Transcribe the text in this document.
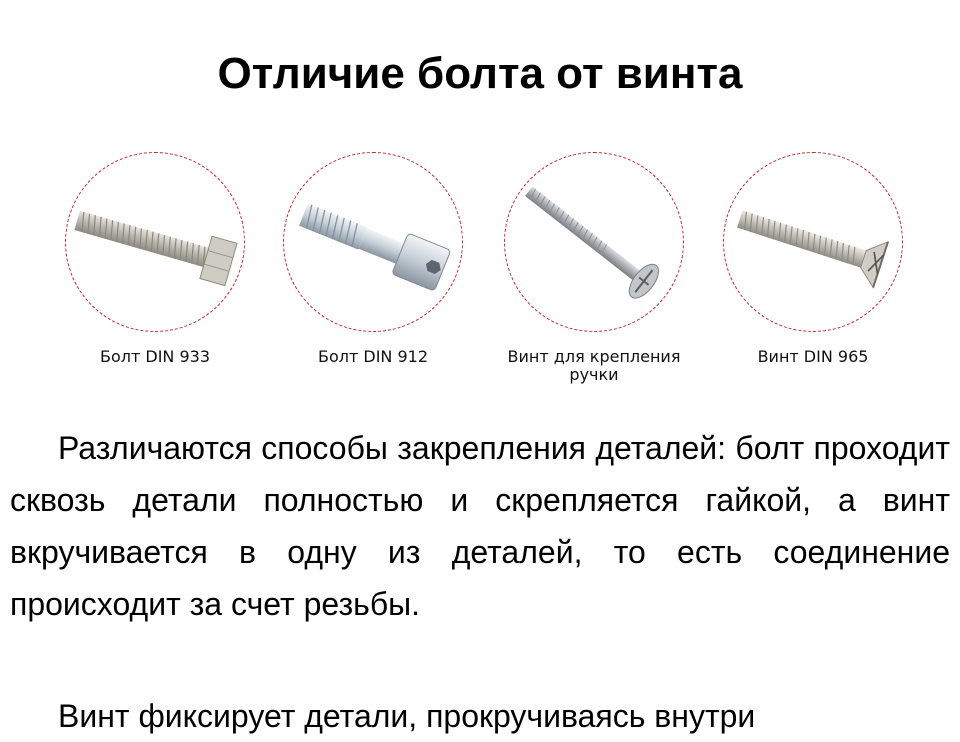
Отличие болта от винта
Болт DIN 933	Болт DIN 912	Винт для крепления ручки
Винт DIN 965

Различаются способы закрепления деталей: болт проходит сквозь детали полностью и скрепляется гайкой, а винт вкручивается в одну из деталей, то есть соединение происходит за счет резьбы.

Винт фиксирует детали, прокручиваясь внутри
